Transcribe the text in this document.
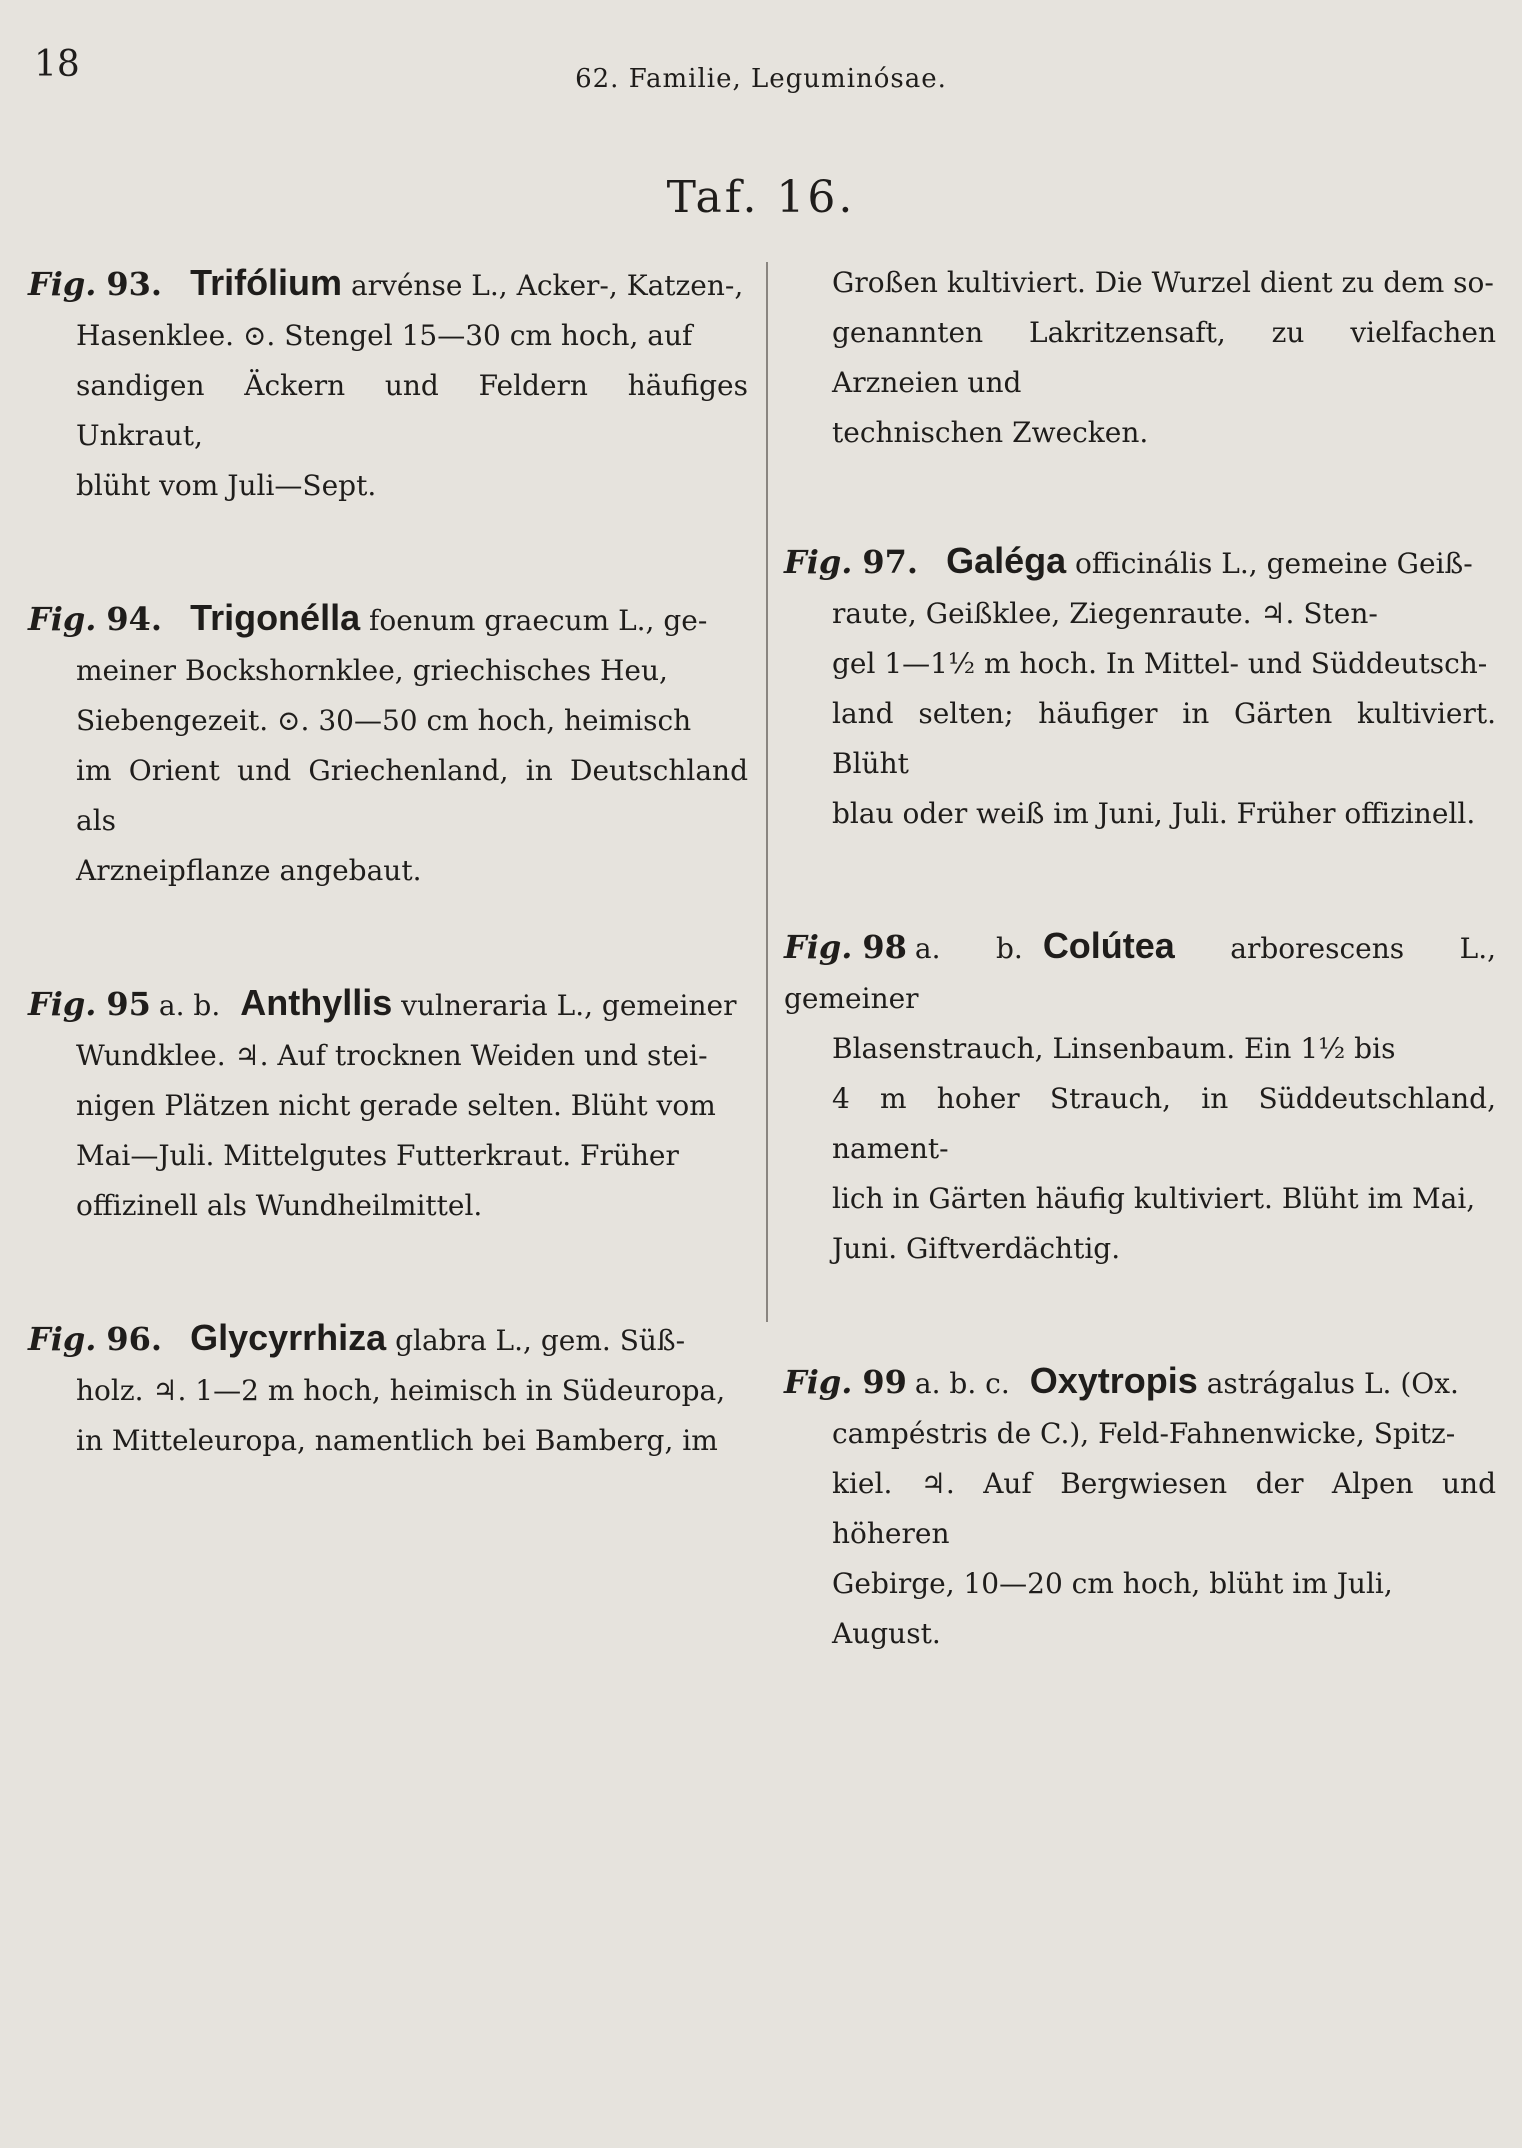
18	62. Familie, Leguminósae.
Taf. 16.

Fig. 93. Trifólium arvénse L., Acker-, Katzen-,

Hasenklee. ⊙. Stengel 15—30 cm hoch, auf

sandigen Äckern und Feldern häufiges Unkraut,

blüht vom Juli—Sept.

Fig. 94. Trigonélla foenum graecum L., ge-

meiner Bockshornklee, griechisches Heu,

Siebengezeit. ⊙. 30—50 cm hoch, heimisch

im Orient und Griechenland, in Deutschland als

Arzneipflanze angebaut.

Fig. 95 a. b. Anthyllis vulneraria L., gemeiner

Wundklee. ♃. Auf trocknen Weiden und stei-

nigen Plätzen nicht gerade selten. Blüht vom

Mai—Juli. Mittelgutes Futterkraut. Früher

offizinell als Wundheilmittel.

Fig. 96. Glycyrrhiza glabra L., gem. Süß-

holz. ♃. 1—2 m hoch, heimisch in Südeuropa,

in Mitteleuropa, namentlich bei Bamberg, im

Großen kultiviert. Die Wurzel dient zu dem so-

genannten Lakritzensaft, zu vielfachen Arzneien und

technischen Zwecken.

Fig. 97. Galéga officinális L., gemeine Geiß-

raute, Geißklee, Ziegenraute. ♃. Sten-

gel 1—1½ m hoch. In Mittel- und Süddeutsch-

land selten; häufiger in Gärten kultiviert. Blüht

blau oder weiß im Juni, Juli. Früher offizinell.

Fig. 98 a. b. Colútea arborescens L., gemeiner

Blasenstrauch, Linsenbaum. Ein 1½ bis

4 m hoher Strauch, in Süddeutschland, nament-

lich in Gärten häufig kultiviert. Blüht im Mai,

Juni. Giftverdächtig.

Fig. 99 a. b. c. Oxytropis astrágalus L. (Ox.

campéstris de C.), Feld-Fahnenwicke, Spitz-

kiel. ♃. Auf Bergwiesen der Alpen und höheren

Gebirge, 10—20 cm hoch, blüht im Juli,

August.
